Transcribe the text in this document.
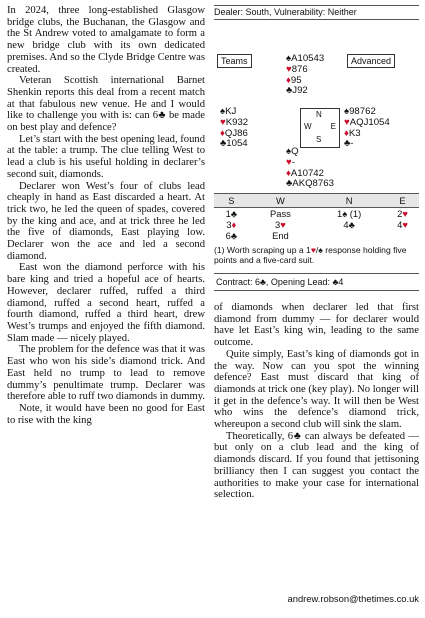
In 2024, three long-established Glasgow bridge clubs, the Buchanan, the Glasgow and the St Andrew voted to amalgamate to form a new bridge club with its own dedicated premises. And so the Clyde Bridge Centre was created.

Veteran Scottish international Barnet Shenkin reports this deal from a recent match at that fabulous new venue. He and I would like to challenge you with is: can 6♣ be made on best play and defence?

Let’s start with the best opening lead, found at the table: a trump. The clue telling West to lead a club is his useful holding in declarer’s second suit, diamonds.

Declarer won West’s four of clubs lead cheaply in hand as East discarded a heart. At trick two, he led the queen of spades, covered by the king and ace, and at trick three he led the five of diamonds, East playing low. Declarer won the ace and led a second diamond.

East won the diamond perforce with his bare king and tried a hopeful ace of hearts. However, declarer ruffed, ruffed a third diamond, ruffed a second heart, ruffed a fourth diamond, ruffed a third heart, drew West’s trumps and enjoyed the fifth diamond. Slam made — nicely played.

The problem for the defence was that it was East who won his side’s diamond trick. And East held no trump to lead to remove dummy’s penultimate trump. Declarer was therefore able to ruff two diamonds in dummy.

Note, it would have been no good for East to rise with the king

Dealer: South, Vulnerability: Neither
Teams	Advanced
♠A10543
♥876
♦95
♣J92
♠KJ
♥K932
♦QJ86
♣1054
♠98762
♥AQJ1054
♦K3
♣-
♠Q
♥-
♦A10742
♣AKQ8763
N
W E
S
S	W	N	E
1♣	Pass	1♠ (1)	2♥
3♦	3♥	4♣	4♥
6♣	End		
(1) Worth scraping up a 1♥/♠ response holding five points and a five-card suit.
Contract: 6♣, Opening Lead: ♣4

of diamonds when declarer led that first diamond from dummy — for declarer would have let East’s king win, leading to the same outcome.

Quite simply, East’s king of diamonds got in the way. Now can you spot the winning defence? East must discard that king of diamonds at trick one (key play). No longer will it get in the defence’s way. It will then be West who wins the defence’s diamond trick, whereupon a second club will sink the slam.

Theoretically, 6♣ can always be defeated — but only on a club lead and the king of diamonds discard. If you found that jettisoning brilliancy then I can suggest you contact the authorities to make your case for international selection.

andrew.robson@thetimes.co.uk
